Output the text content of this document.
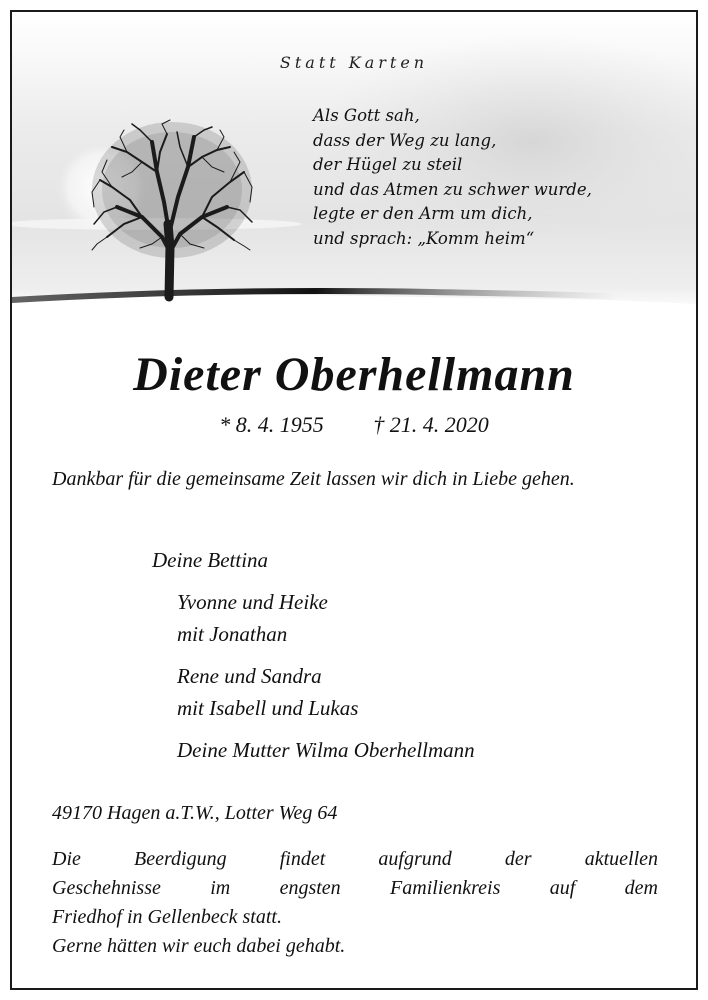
Statt Karten
Als Gott sah,
dass der Weg zu lang,
der Hügel zu steil
und das Atmen zu schwer wurde,
legte er den Arm um dich,
und sprach: „Komm heim“
Dieter Oberhellmann
* 8. 4. 1955 † 21. 4. 2020
Dankbar für die gemeinsame Zeit lassen wir dich in Liebe gehen.
Deine Bettina
Yvonne und Heike
mit Jonathan
Rene und Sandra
mit Isabell und Lukas
Deine Mutter Wilma Oberhellmann
49170 Hagen a.T.W., Lotter Weg 64
Die Beerdigung findet aufgrund der aktuellen
Geschehnisse im engsten Familienkreis auf dem
Friedhof in Gellenbeck statt.
Gerne hätten wir euch dabei gehabt.
